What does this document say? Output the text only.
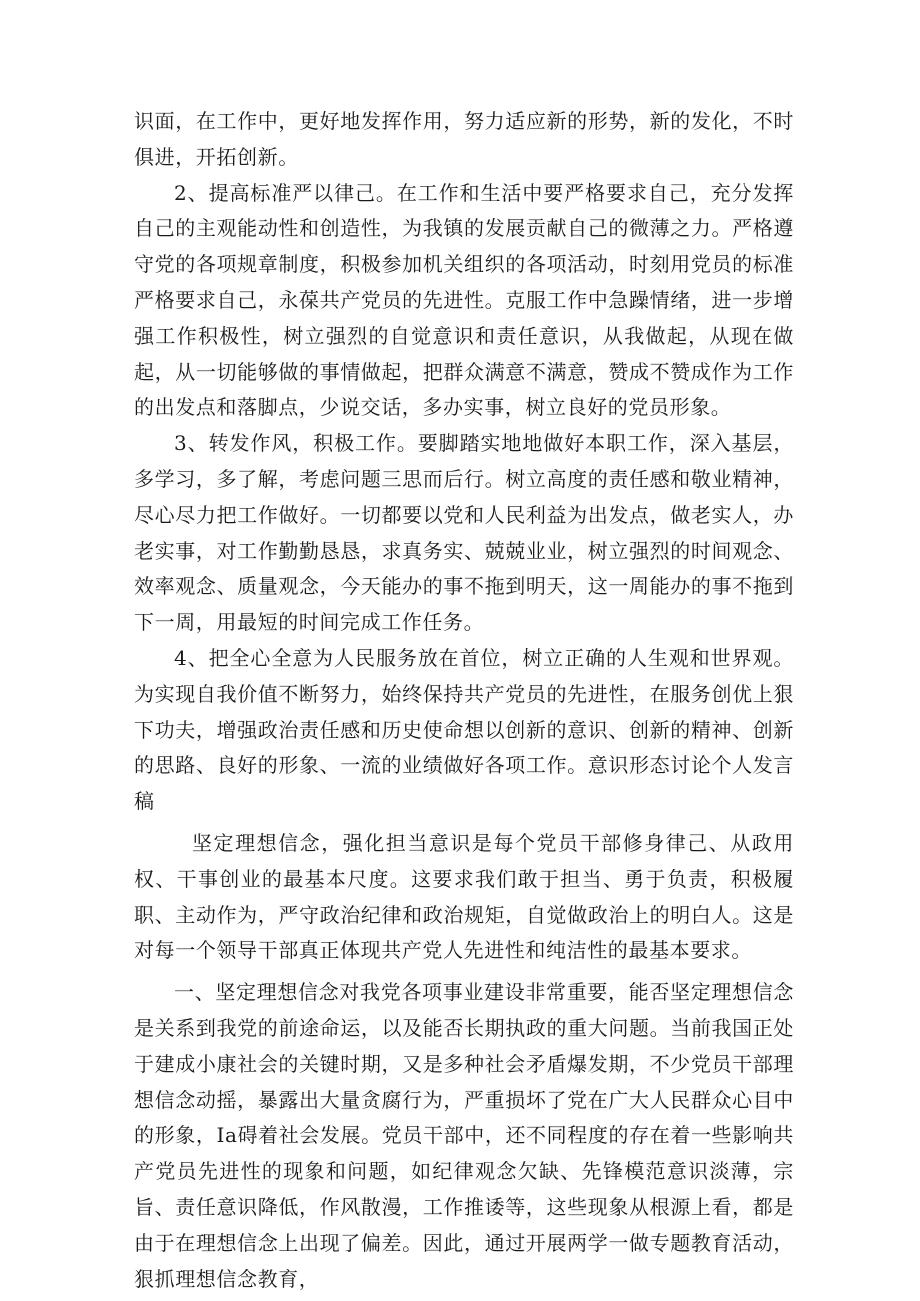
识面，在工作中，更好地发挥作用，努力适应新的形势，新的发化，不时俱进，开拓创新。

2、提高标准严以律己。在工作和生活中要严格要求自己，充分发挥自己的主观能动性和创造性，为我镇的发展贡献自己的微薄之力。严格遵守党的各项规章制度，积极参加机关组织的各项活动，时刻用党员的标准严格要求自己，永葆共产党员的先进性。克服工作中急躁情绪，进一步增强工作积极性，树立强烈的自觉意识和责任意识，从我做起，从现在做起，从一切能够做的事情做起，把群众满意不满意，赞成不赞成作为工作的出发点和落脚点，少说交话，多办实事，树立良好的党员形象。

3、转发作风，积极工作。要脚踏实地地做好本职工作，深入基层，多学习，多了解，考虑问题三思而后行。树立高度的责任感和敬业精神，尽心尽力把工作做好。一切都要以党和人民利益为出发点，做老实人，办老实事，对工作勤勤恳恳，求真务实、兢兢业业，树立强烈的时间观念、效率观念、质量观念，今天能办的事不拖到明天，这一周能办的事不拖到下一周，用最短的时间完成工作任务。

4、把全心全意为人民服务放在首位，树立正确的人生观和世界观。为实现自我价值不断努力，始终保持共产党员的先进性，在服务创优上狠下功夫，增强政治责任感和历史使命想以创新的意识、创新的精神、创新的思路、良好的形象、一流的业绩做好各项工作。意识形态讨论个人发言稿

坚定理想信念，强化担当意识是每个党员干部修身律己、从政用权、干事创业的最基本尺度。这要求我们敢于担当、勇于负责，积极履职、主动作为，严守政治纪律和政治规矩，自觉做政治上的明白人。这是对每一个领导干部真正体现共产党人先进性和纯洁性的最基本要求。

一、坚定理想信念对我党各项事业建设非常重要，能否坚定理想信念是关系到我党的前途命运，以及能否长期执政的重大问题。当前我国正处于建成小康社会的关键时期，又是多种社会矛盾爆发期，不少党员干部理想信念动摇，暴露出大量贪腐行为，严重损坏了党在广大人民群众心目中的形象，Ia碍着社会发展。党员干部中，还不同程度的存在着一些影响共产党员先进性的现象和问题，如纪律观念欠缺、先锋模范意识淡薄，宗旨、责任意识降低，作风散漫，工作推诿等，这些现象从根源上看，都是由于在理想信念上出现了偏差。因此，通过开展两学一做专题教育活动，狠抓理想信念教育，
